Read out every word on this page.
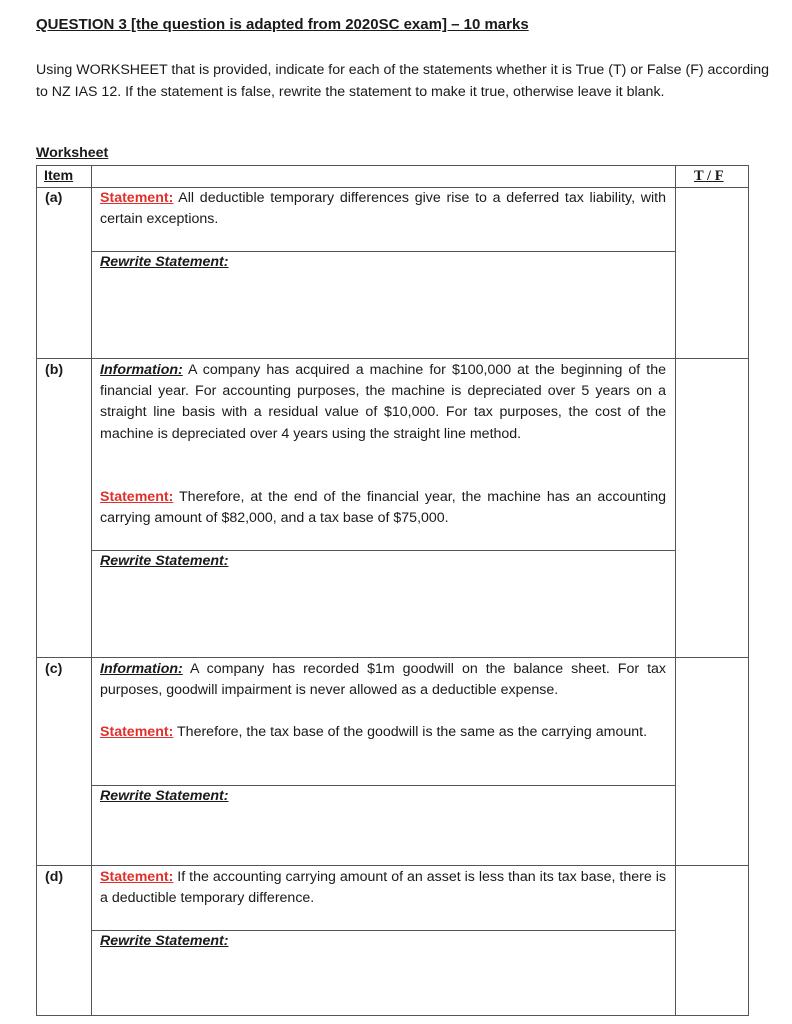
QUESTION 3 [the question is adapted from 2020SC exam] – 10 marks
Using WORKSHEET that is provided, indicate for each of the statements whether it is True (T) or False (F) according to NZ IAS 12. If the statement is false, rewrite the statement to make it true, otherwise leave it blank.
Worksheet
Item	T / F
(a)	Statement: All deductible temporary differences give rise to a deferred tax liability, with certain exceptions.
Rewrite Statement:
(b)	Information: A company has acquired a machine for $100,000 at the beginning of the financial year. For accounting purposes, the machine is depreciated over 5 years on a straight line basis with a residual value of $10,000. For tax purposes, the cost of the machine is depreciated over 4 years using the straight line method.
Statement: Therefore, at the end of the financial year, the machine has an accounting carrying amount of $82,000, and a tax base of $75,000.
Rewrite Statement:
(c)	Information: A company has recorded $1m goodwill on the balance sheet. For tax purposes, goodwill impairment is never allowed as a deductible expense.
Statement: Therefore, the tax base of the goodwill is the same as the carrying amount.
Rewrite Statement:
(d)	Statement: If the accounting carrying amount of an asset is less than its tax base, there is a deductible temporary difference.
Rewrite Statement:
